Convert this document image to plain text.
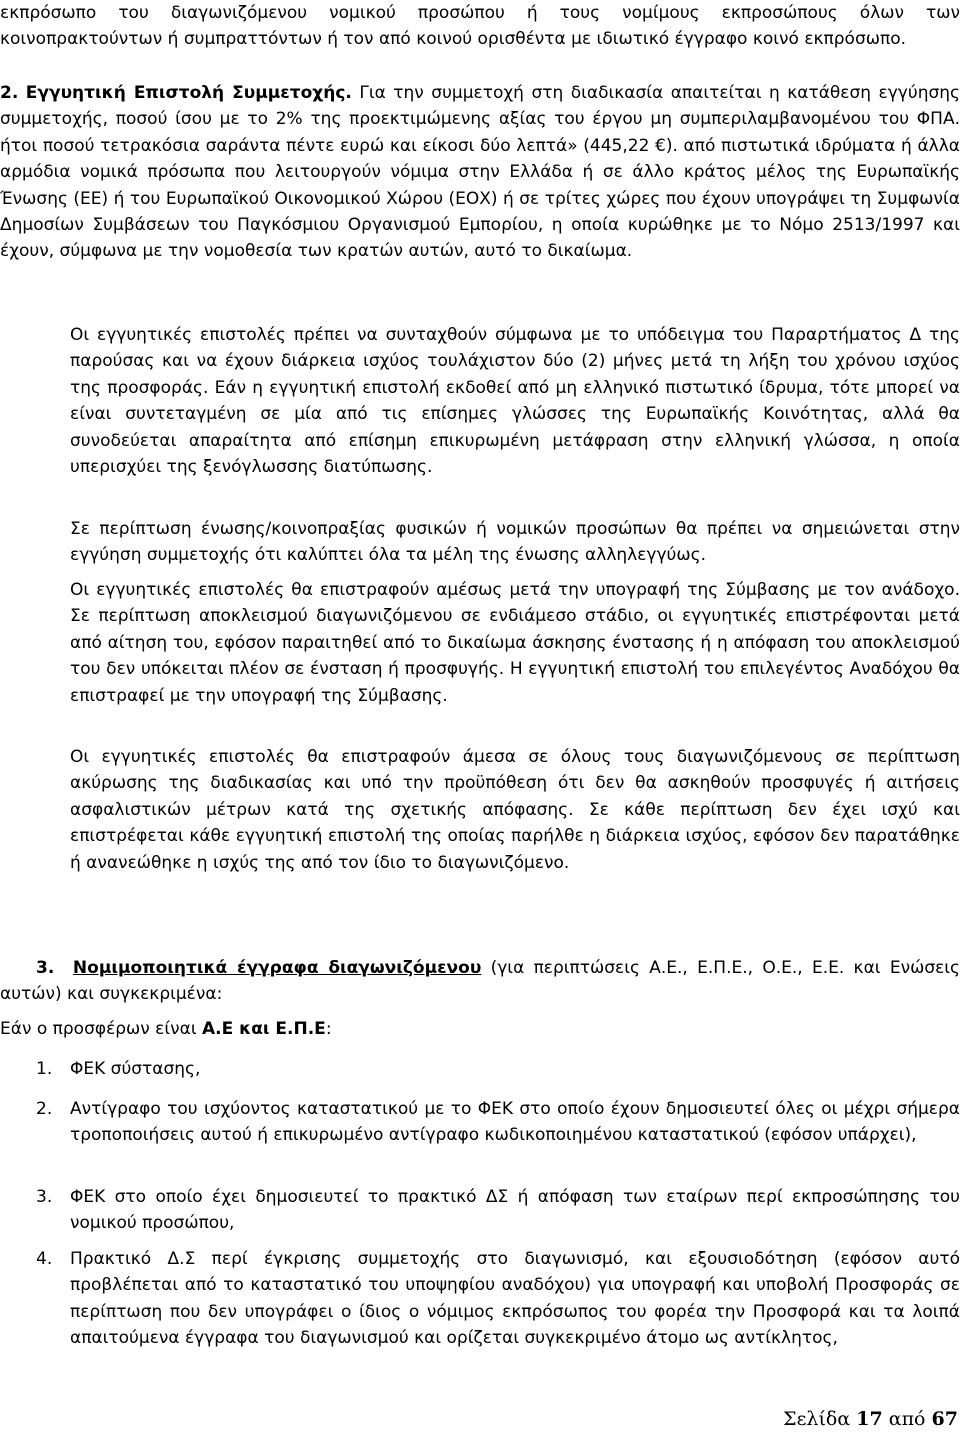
εκπρόσωπο του διαγωνιζόμενου νομικού προσώπου ή τους νομίμους εκπροσώπους όλων των κοινοπρακτούντων ή συμπραττόντων ή τον από κοινού ορισθέντα με ιδιωτικό έγγραφο κοινό εκπρόσωπο.

2. Εγγυητική Επιστολή Συμμετοχής. Για την συμμετοχή στη διαδικασία απαιτείται η κατάθεση εγγύησης συμμετοχής, ποσού ίσου με το 2% της προεκτιμώμενης αξίας του έργου μη συμπεριλαμβανομένου του ΦΠΑ. ήτοι ποσού τετρακόσια σαράντα πέντε ευρώ και είκοσι δύο λεπτά» (445,22 €). από πιστωτικά ιδρύματα ή άλλα αρμόδια νομικά πρόσωπα που λειτουργούν νόμιμα στην Ελλάδα ή σε άλλο κράτος μέλος της Ευρωπαϊκής Ένωσης (ΕΕ) ή του Ευρωπαϊκού Οικονομικού Χώρου (ΕΟΧ) ή σε τρίτες χώρες που έχουν υπογράψει τη Συμφωνία Δημοσίων Συμβάσεων του Παγκόσμιου Οργανισμού Εμπορίου, η οποία κυρώθηκε με το Νόμο 2513/1997 και έχουν, σύμφωνα με την νομοθεσία των κρατών αυτών, αυτό το δικαίωμα.

Οι εγγυητικές επιστολές πρέπει να συνταχθούν σύμφωνα με το υπόδειγμα του Παραρτήματος Δ της παρούσας και να έχουν διάρκεια ισχύος τουλάχιστον δύο (2) μήνες μετά τη λήξη του χρόνου ισχύος της προσφοράς. Εάν η εγγυητική επιστολή εκδοθεί από μη ελληνικό πιστωτικό ίδρυμα, τότε μπορεί να είναι συντεταγμένη σε μία από τις επίσημες γλώσσες της Ευρωπαϊκής Κοινότητας, αλλά θα συνοδεύεται απαραίτητα από επίσημη επικυρωμένη μετάφραση στην ελληνική γλώσσα, η οποία υπερισχύει της ξενόγλωσσης διατύπωσης.

Σε περίπτωση ένωσης/κοινοπραξίας φυσικών ή νομικών προσώπων θα πρέπει να σημειώνεται στην εγγύηση συμμετοχής ότι καλύπτει όλα τα μέλη της ένωσης αλληλεγγύως.

Οι εγγυητικές επιστολές θα επιστραφούν αμέσως μετά την υπογραφή της Σύμβασης με τον ανάδοχο. Σε περίπτωση αποκλεισμού διαγωνιζόμενου σε ενδιάμεσο στάδιο, οι εγγυητικές επιστρέφονται μετά από αίτηση του, εφόσον παραιτηθεί από το δικαίωμα άσκησης ένστασης ή η απόφαση του αποκλεισμού του δεν υπόκειται πλέον σε ένσταση ή προσφυγής. Η εγγυητική επιστολή του επιλεγέντος Αναδόχου θα επιστραφεί με την υπογραφή της Σύμβασης.

Οι εγγυητικές επιστολές θα επιστραφούν άμεσα σε όλους τους διαγωνιζόμενους σε περίπτωση ακύρωσης της διαδικασίας και υπό την προϋπόθεση ότι δεν θα ασκηθούν προσφυγές ή αιτήσεις ασφαλιστικών μέτρων κατά της σχετικής απόφασης. Σε κάθε περίπτωση δεν έχει ισχύ και επιστρέφεται κάθε εγγυητική επιστολή της οποίας παρήλθε η διάρκεια ισχύος, εφόσον δεν παρατάθηκε ή ανανεώθηκε η ισχύς της από τον ίδιο το διαγωνιζόμενο.

3. Νομιμοποιητικά έγγραφα διαγωνιζόμενου (για περιπτώσεις Α.Ε., Ε.Π.Ε., Ο.Ε., Ε.Ε. και Ενώσεις αυτών) και συγκεκριμένα:

Εάν ο προσφέρων είναι Α.Ε και Ε.Π.Ε:

1. ΦΕΚ σύστασης,

2. Αντίγραφο του ισχύοντος καταστατικού με το ΦΕΚ στο οποίο έχουν δημοσιευτεί όλες οι μέχρι σήμερα τροποποιήσεις αυτού ή επικυρωμένο αντίγραφο κωδικοποιημένου καταστατικού (εφόσον υπάρχει),

3. ΦΕΚ στο οποίο έχει δημοσιευτεί το πρακτικό ΔΣ ή απόφαση των εταίρων περί εκπροσώπησης του νομικού προσώπου,

4. Πρακτικό Δ.Σ περί έγκρισης συμμετοχής στο διαγωνισμό, και εξουσιοδότηση (εφόσον αυτό προβλέπεται από το καταστατικό του υποψηφίου αναδόχου) για υπογραφή και υποβολή Προσφοράς σε περίπτωση που δεν υπογράφει ο ίδιος ο νόμιμος εκπρόσωπος του φορέα την Προσφορά και τα λοιπά απαιτούμενα έγγραφα του διαγωνισμού και ορίζεται συγκεκριμένο άτομο ως αντίκλητος,

Σελίδα 17 από 67
